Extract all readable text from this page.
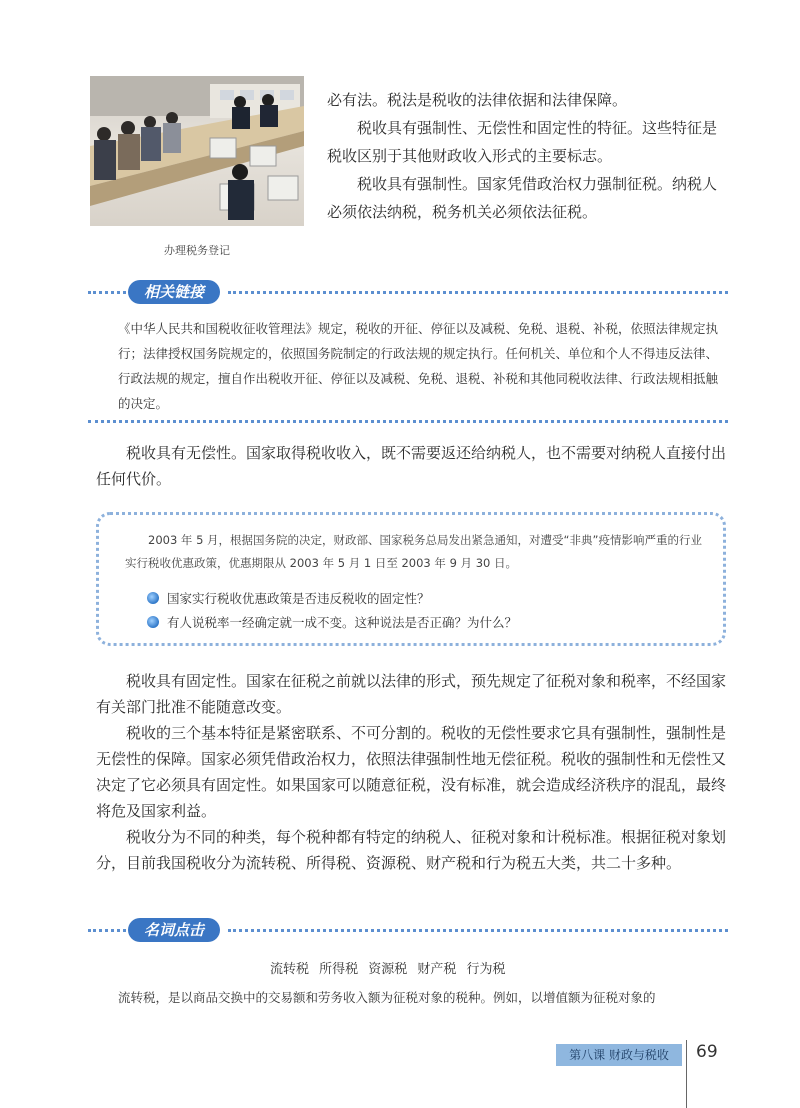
办理税务登记

必有法。税法是税收的法律依据和法律保障。

税收具有强制性、无偿性和固定性的特征。这些特征是税收区别于其他财政收入形式的主要标志。

税收具有强制性。国家凭借政治权力强制征税。纳税人必须依法纳税，税务机关必须依法征税。

相关链接

《中华人民共和国税收征收管理法》规定，税收的开征、停征以及减税、免税、退税、补税，依照法律规定执行；法律授权国务院规定的，依照国务院制定的行政法规的规定执行。任何机关、单位和个人不得违反法律、行政法规的规定，擅自作出税收开征、停征以及减税、免税、退税、补税和其他同税收法律、行政法规相抵触的决定。

税收具有无偿性。国家取得税收收入，既不需要返还给纳税人，也不需要对纳税人直接付出任何代价。

2003 年 5 月，根据国务院的决定，财政部、国家税务总局发出紧急通知，对遭受“非典”疫情影响严重的行业实行税收优惠政策，优惠期限从 2003 年 5 月 1 日至 2003 年 9 月 30 日。

国家实行税收优惠政策是否违反税收的固定性？
有人说税率一经确定就一成不变。这种说法是否正确？为什么？

税收具有固定性。国家在征税之前就以法律的形式，预先规定了征税对象和税率，不经国家有关部门批准不能随意改变。

税收的三个基本特征是紧密联系、不可分割的。税收的无偿性要求它具有强制性，强制性是无偿性的保障。国家必须凭借政治权力，依照法律强制性地无偿征税。税收的强制性和无偿性又决定了它必须具有固定性。如果国家可以随意征税，没有标准，就会造成经济秩序的混乱，最终将危及国家利益。

税收分为不同的种类，每个税种都有特定的纳税人、征税对象和计税标准。根据征税对象划分，目前我国税收分为流转税、所得税、资源税、财产税和行为税五大类，共二十多种。

名词点击
流转税 所得税 资源税 财产税 行为税
流转税，是以商品交换中的交易额和劳务收入额为征税对象的税种。例如，以增值额为征税对象的
第八课 财政与税收	69
